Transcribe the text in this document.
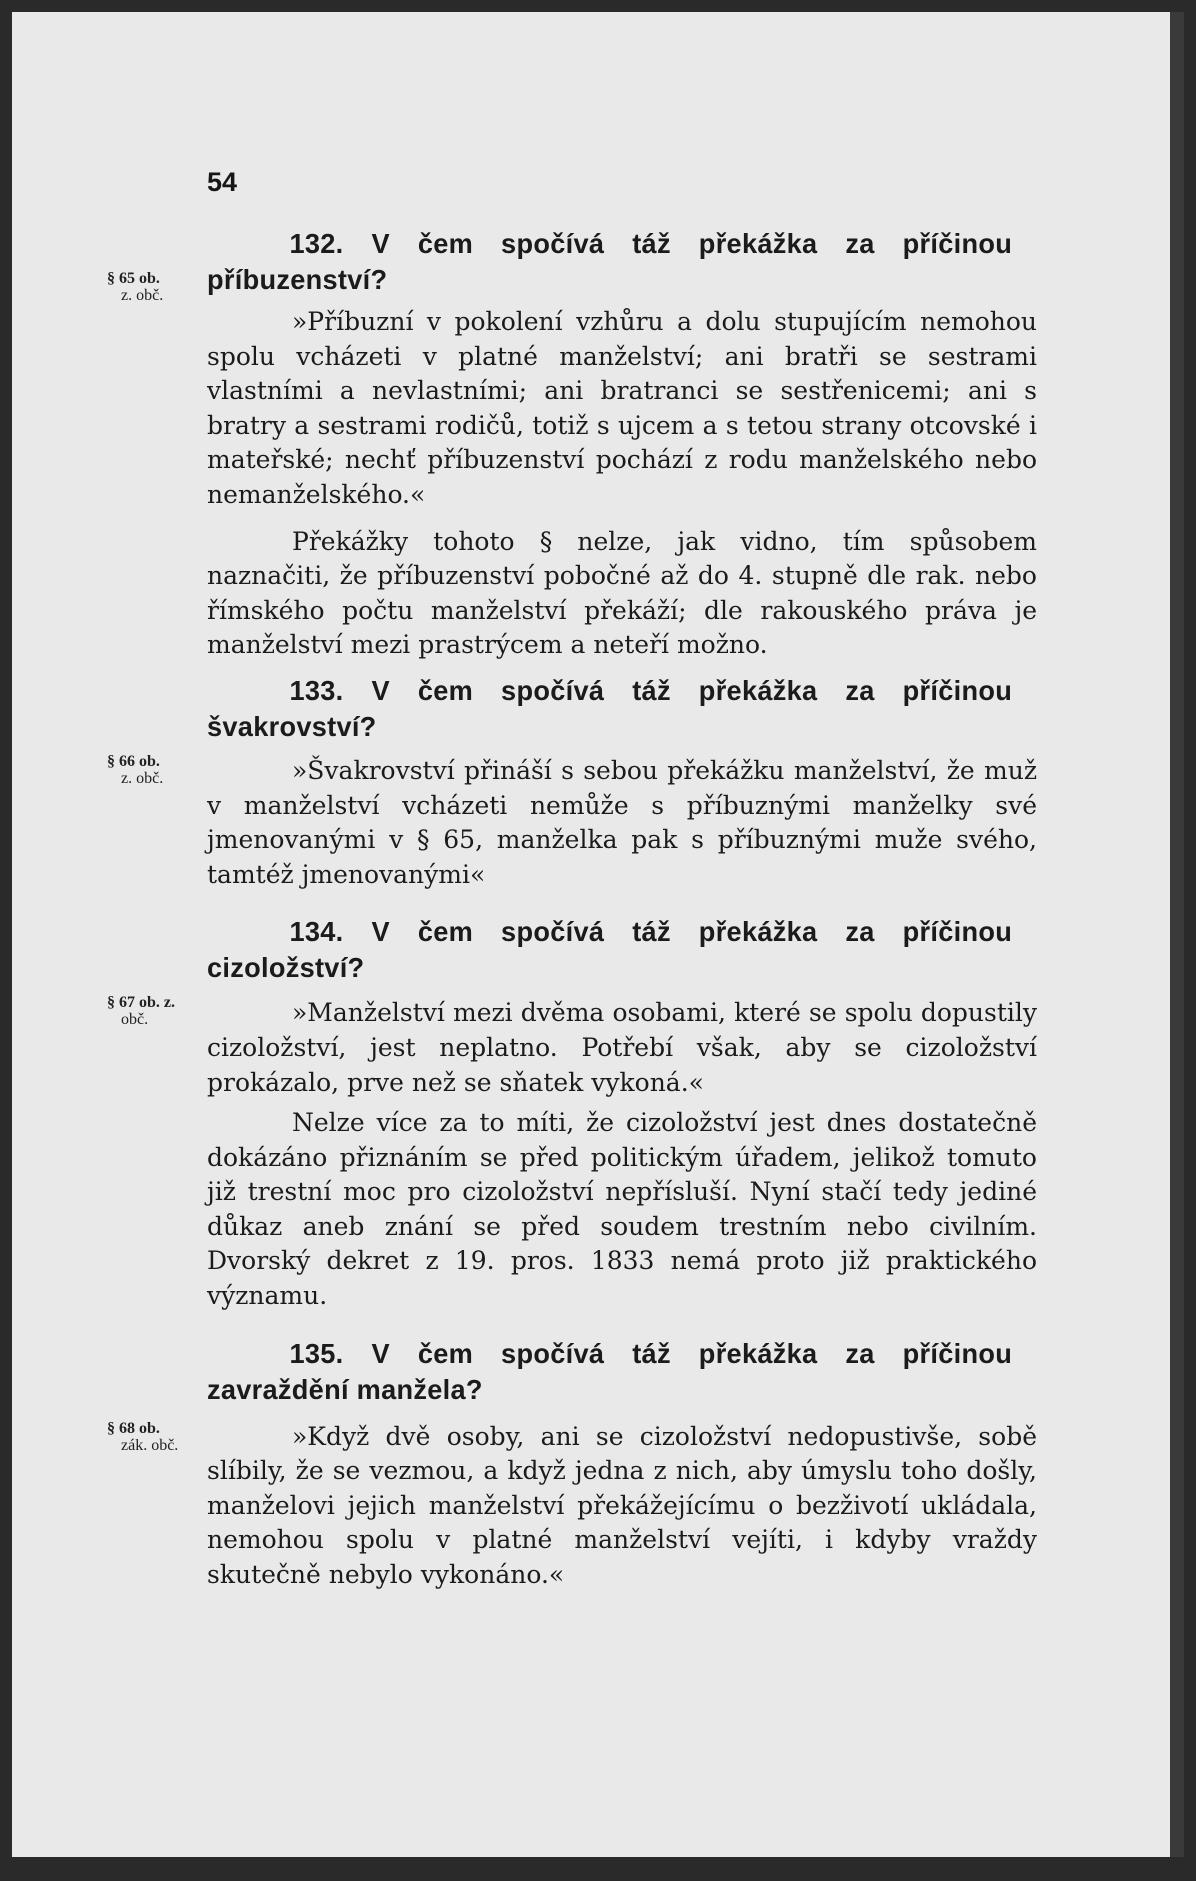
54

132. V čem spočívá táž překážka za příčinou příbuzenství?

§ 65 ob.
z. obč.

»Příbuzní v pokolení vzhůru a dolu stupujícím nemohou spolu vcházeti v platné manželství; ani bratři se sestrami vlastními a nevlastními; ani bratranci se sestřenicemi; ani s bratry a sestrami rodičů, totiž s ujcem a s tetou strany otcovské i mateřské; nechť příbuzenství pochází z rodu manželského nebo nemanželského.«

Překážky tohoto § nelze, jak vidno, tím spůsobem naznačiti, že příbuzenství pobočné až do 4. stupně dle rak. nebo římského počtu manželství překáží; dle rakouského práva je manželství mezi prastrýcem a neteří možno.

133. V čem spočívá táž překážka za příčinou švakrovství?

§ 66 ob.
z. obč.	»Švakrovství přináší s sebou překážku manželství, že muž v manželství vcházeti nemůže s příbuznými manželky své jmenovanými v § 65, manželka pak s příbuznými muže svého, tamtéž jmenovanými«

134. V čem spočívá táž překážka za příčinou cizoložství?

§ 67 ob. z.
obč.	»Manželství mezi dvěma osobami, které se spolu dopustily cizoložství, jest neplatno. Potřebí však, aby se cizoložství prokázalo, prve než se sňatek vykoná.«

Nelze více za to míti, že cizoložství jest dnes dostatečně dokázáno přiznáním se před politickým úřadem, jelikož tomuto již trestní moc pro cizoložství nepřísluší. Nyní stačí tedy jediné důkaz aneb znání se před soudem trestním nebo civilním. Dvorský dekret z 19. pros. 1833 nemá proto již praktického významu.

135. V čem spočívá táž překážka za příčinou zavraždění manžela?

§ 68 ob.
zák. obč.	»Když dvě osoby, ani se cizoložství nedopustivše, sobě slíbily, že se vezmou, a když jedna z nich, aby úmyslu toho došly, manželovi jejich manželství překážejícímu o bezživotí ukládala, nemohou spolu v platné manželství vejíti, i kdyby vraždy skutečně nebylo vykonáno.«
